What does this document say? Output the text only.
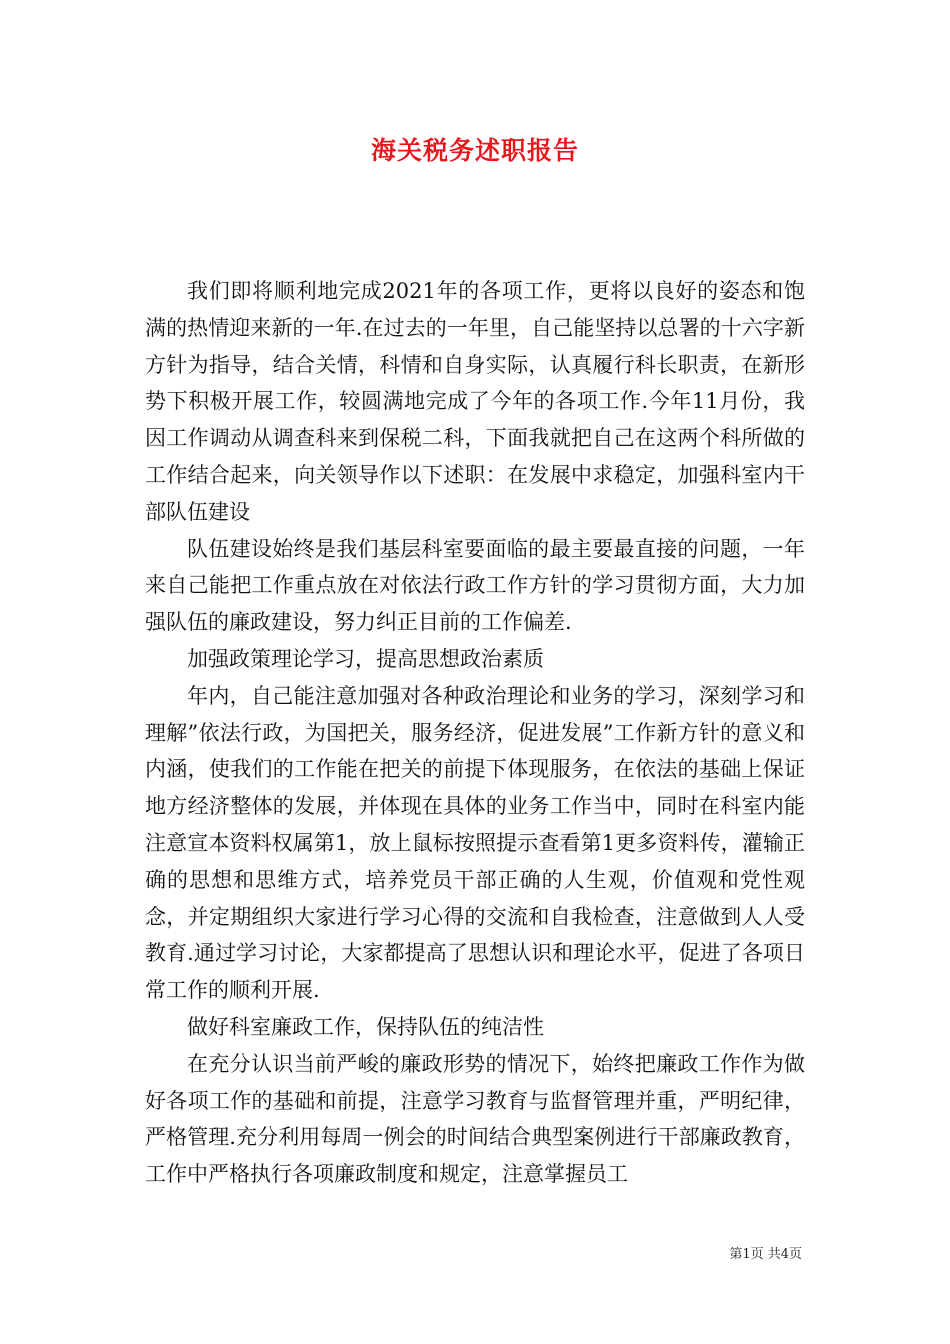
海关税务述职报告

我们即将顺利地完成2021年的各项工作，更将以良好的姿态和饱满的热情迎来新的一年.在过去的一年里，自己能坚持以总署的十六字新方针为指导，结合关情，科情和自身实际，认真履行科长职责，在新形势下积极开展工作，较圆满地完成了今年的各项工作.今年11月份，我因工作调动从调查科来到保税二科，下面我就把自己在这两个科所做的工作结合起来，向关领导作以下述职：在发展中求稳定，加强科室内干部队伍建设

队伍建设始终是我们基层科室要面临的最主要最直接的问题，一年来自己能把工作重点放在对依法行政工作方针的学习贯彻方面，大力加强队伍的廉政建设，努力纠正目前的工作偏差.

加强政策理论学习，提高思想政治素质

年内，自己能注意加强对各种政治理论和业务的学习，深刻学习和理解”依法行政，为国把关，服务经济，促进发展”工作新方针的意义和内涵，使我们的工作能在把关的前提下体现服务，在依法的基础上保证地方经济整体的发展，并体现在具体的业务工作当中，同时在科室内能注意宣本资料权属第1，放上鼠标按照提示查看第1更多资料传，灌输正确的思想和思维方式，培养党员干部正确的人生观，价值观和党性观念，并定期组织大家进行学习心得的交流和自我检查，注意做到人人受教育.通过学习讨论，大家都提高了思想认识和理论水平，促进了各项日常工作的顺利开展.

做好科室廉政工作，保持队伍的纯洁性

在充分认识当前严峻的廉政形势的情况下，始终把廉政工作作为做好各项工作的基础和前提，注意学习教育与监督管理并重，严明纪律，严格管理.充分利用每周一例会的时间结合典型案例进行干部廉政教育，工作中严格执行各项廉政制度和规定，注意掌握员工

第1页 共4页
